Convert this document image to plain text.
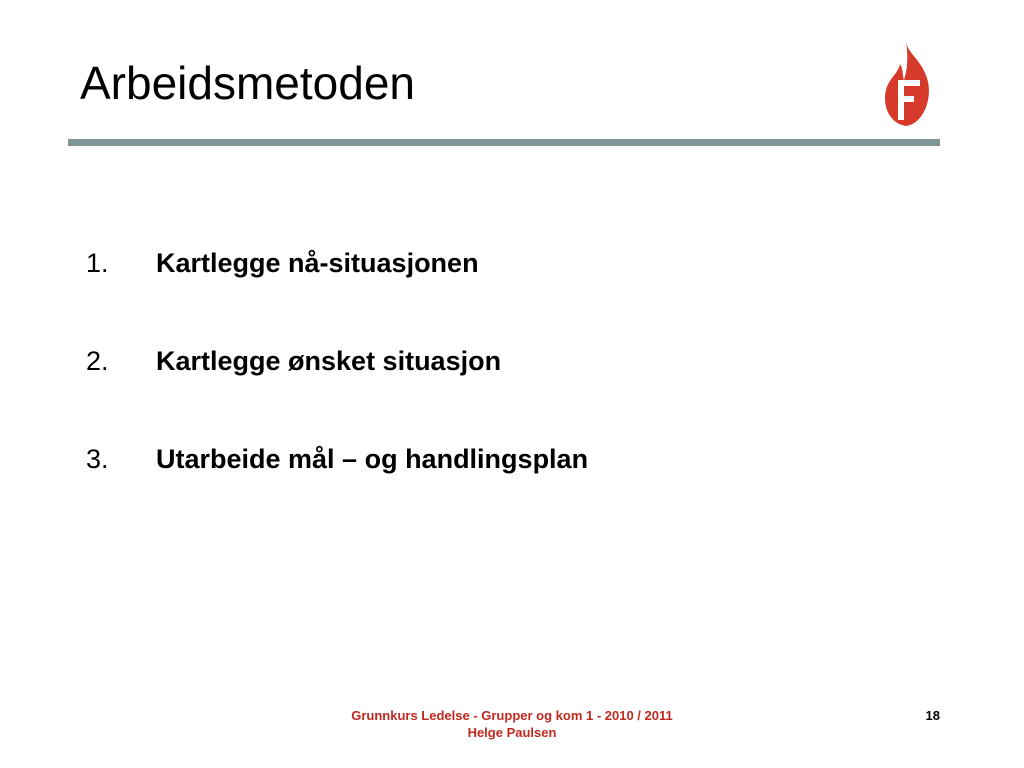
Arbeidsmetoden
1.	Kartlegge nå-situasjonen
2.	Kartlegge ønsket situasjon
3.	Utarbeide mål – og handlingsplan
Grunnkurs Ledelse - Grupper og kom 1 - 2010 / 2011
Helge Paulsen
18
